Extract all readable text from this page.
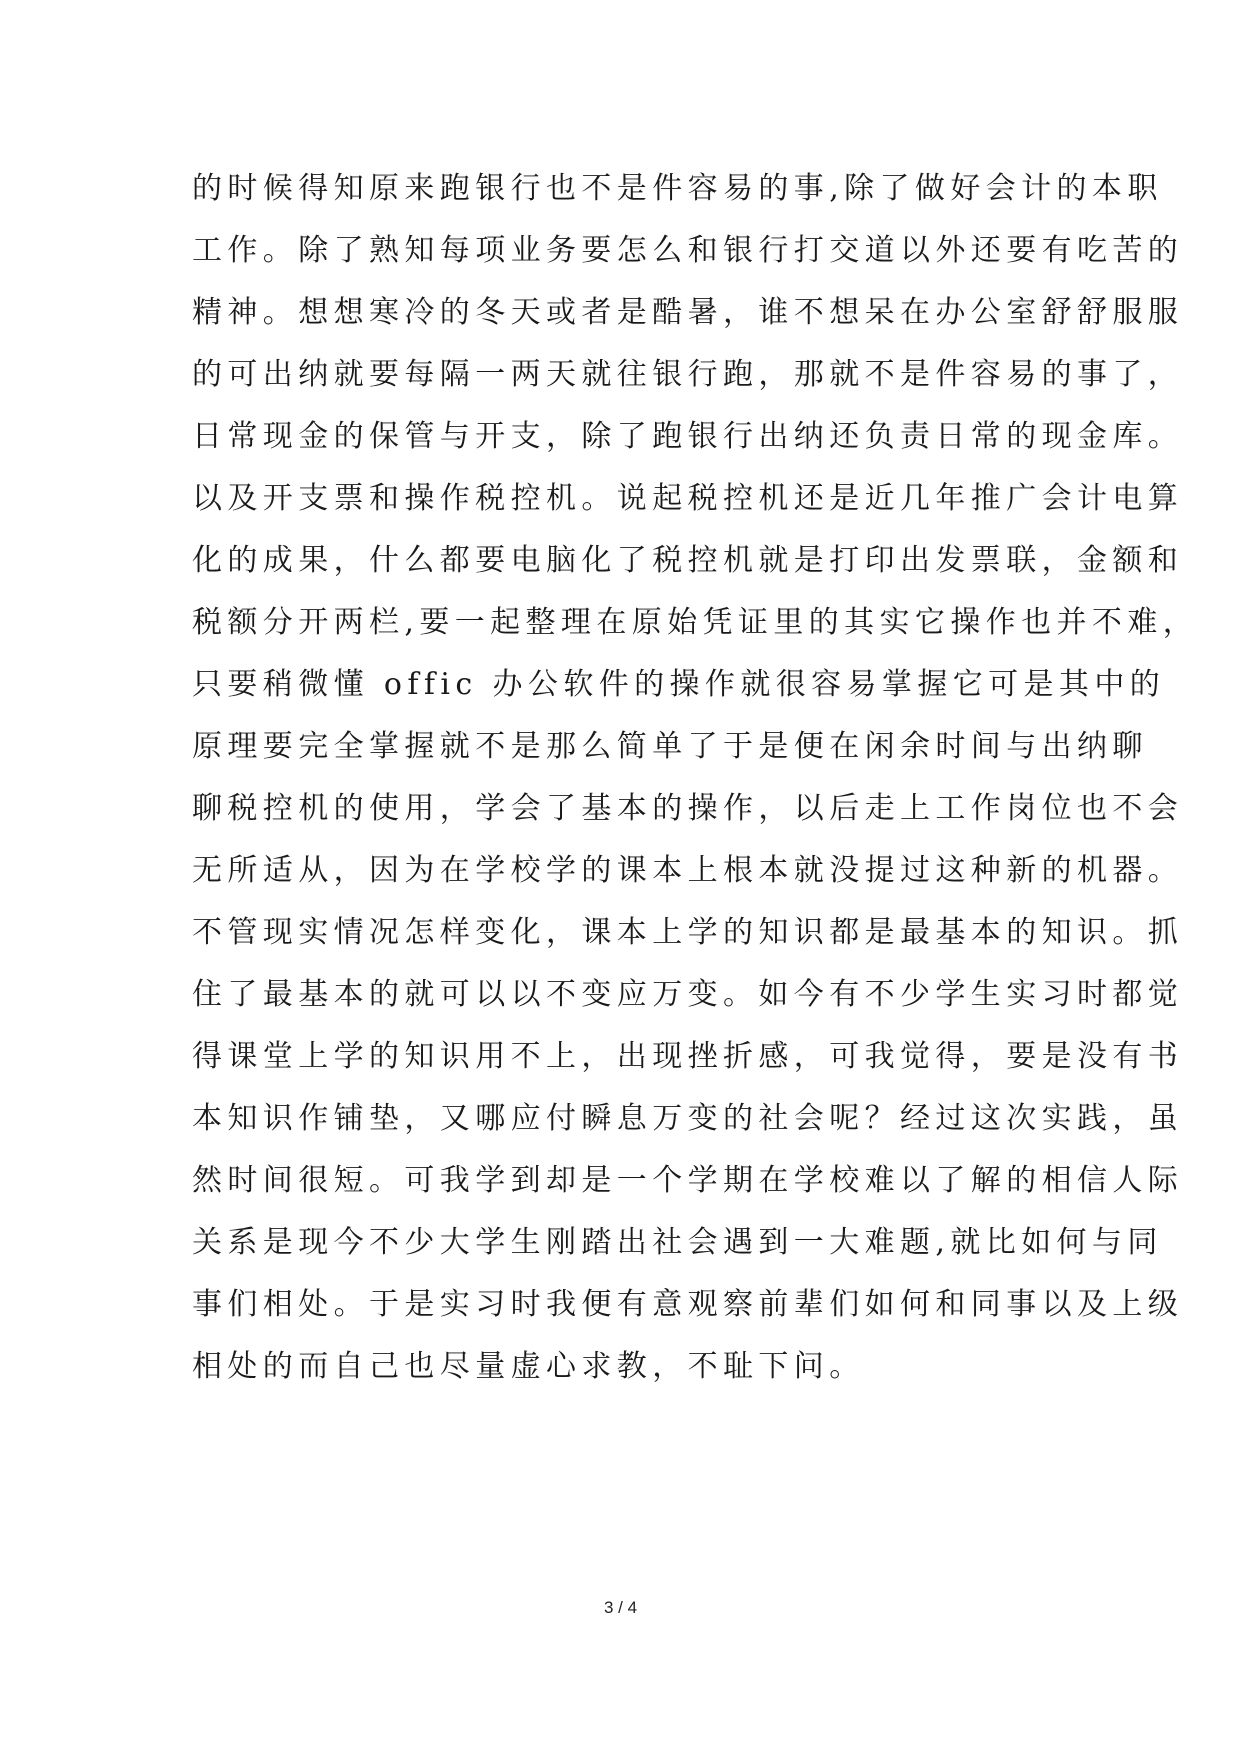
的时候得知原来跑银行也不是件容易的事,除了做好会计的本职
工作。除了熟知每项业务要怎么和银行打交道以外还要有吃苦的
精神。想想寒冷的冬天或者是酷暑，谁不想呆在办公室舒舒服服
的可出纳就要每隔一两天就往银行跑，那就不是件容易的事了，
日常现金的保管与开支，除了跑银行出纳还负责日常的现金库。
以及开支票和操作税控机。说起税控机还是近几年推广会计电算
化的成果，什么都要电脑化了税控机就是打印出发票联，金额和
税额分开两栏,要一起整理在原始凭证里的其实它操作也并不难，
只要稍微懂 offic 办公软件的操作就很容易掌握它可是其中的
原理要完全掌握就不是那么简单了于是便在闲余时间与出纳聊
聊税控机的使用，学会了基本的操作，以后走上工作岗位也不会
无所适从，因为在学校学的课本上根本就没提过这种新的机器。
不管现实情况怎样变化，课本上学的知识都是最基本的知识。抓
住了最基本的就可以以不变应万变。如今有不少学生实习时都觉
得课堂上学的知识用不上，出现挫折感，可我觉得，要是没有书
本知识作铺垫，又哪应付瞬息万变的社会呢？经过这次实践，虽
然时间很短。可我学到却是一个学期在学校难以了解的相信人际
关系是现今不少大学生刚踏出社会遇到一大难题,就比如何与同
事们相处。于是实习时我便有意观察前辈们如何和同事以及上级
相处的而自己也尽量虚心求教，不耻下问。
3 / 4
